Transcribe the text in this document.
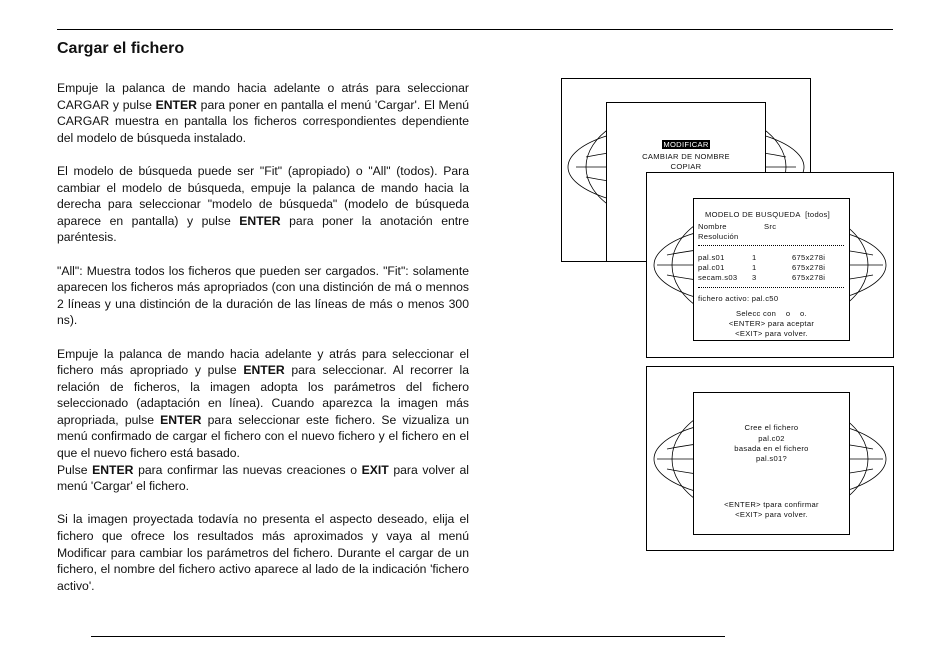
Cargar el fichero

Empuje la palanca de mando hacia adelante o atrás para seleccionar CARGAR y pulse ENTER para poner en pantalla el menú 'Cargar'. El Menú CARGAR muestra en pantalla los ficheros correspondientes dependiente del modelo de búsqueda instalado.

El modelo de búsqueda puede ser "Fit" (apropiado) o "All" (todos). Para cambiar el modelo de búsqueda, empuje la palanca de mando hacia la derecha para seleccionar "modelo de búsqueda" (modelo de búsqueda aparece en pantalla) y pulse ENTER para poner la anotación entre paréntesis.

"All": Muestra todos los ficheros que pueden ser cargados. "Fit": solamente aparecen los ficheros más apropriados (con una distinción de má o mennos 2 líneas y una distinción de la duración de las líneas de más o menos 300 ns).

Empuje la palanca de mando hacia adelante y atrás para seleccionar el fichero más apropriado y pulse ENTER para seleccionar. Al recorrer la relación de ficheros, la imagen adopta los parámetros del fichero seleccionado (adaptación en línea). Cuando aparezca la imagen más apropriada, pulse ENTER para seleccionar este fichero. Se vizualiza un menú confirmado de cargar el fichero con el nuevo fichero y el fichero en el que el nuevo fichero está basado.

Pulse ENTER para confirmar las nuevas creaciones o EXIT para volver al menú 'Cargar' el fichero.

Si la imagen proyectada todavía no presenta el aspecto deseado, elija el fichero que ofrece los resultados más aproximados y vaya al menú Modificar para cambiar los parámetros del fichero. Durante el cargar de un fichero, el nombre del fichero activo aparece al lado de la indicación 'fichero activo'.

MODIFICAR
CAMBIAR DE NOMBRE
COPIAR
MODELO DE BUSQUEDA [todos]
Nombre	Src
Resolución
pal.s01	1	675x278i
pal.c01	1	675x278i
secam.s03 3	675x278i
fichero activo: pal.c50
Selecc con    o    o.
<ENTER> para aceptar
<EXIT> para volver.
Cree el fichero
pal.c02
basada en el fichero
pal.s01?
<ENTER> tpara confirmar
<EXIT> para volver.
